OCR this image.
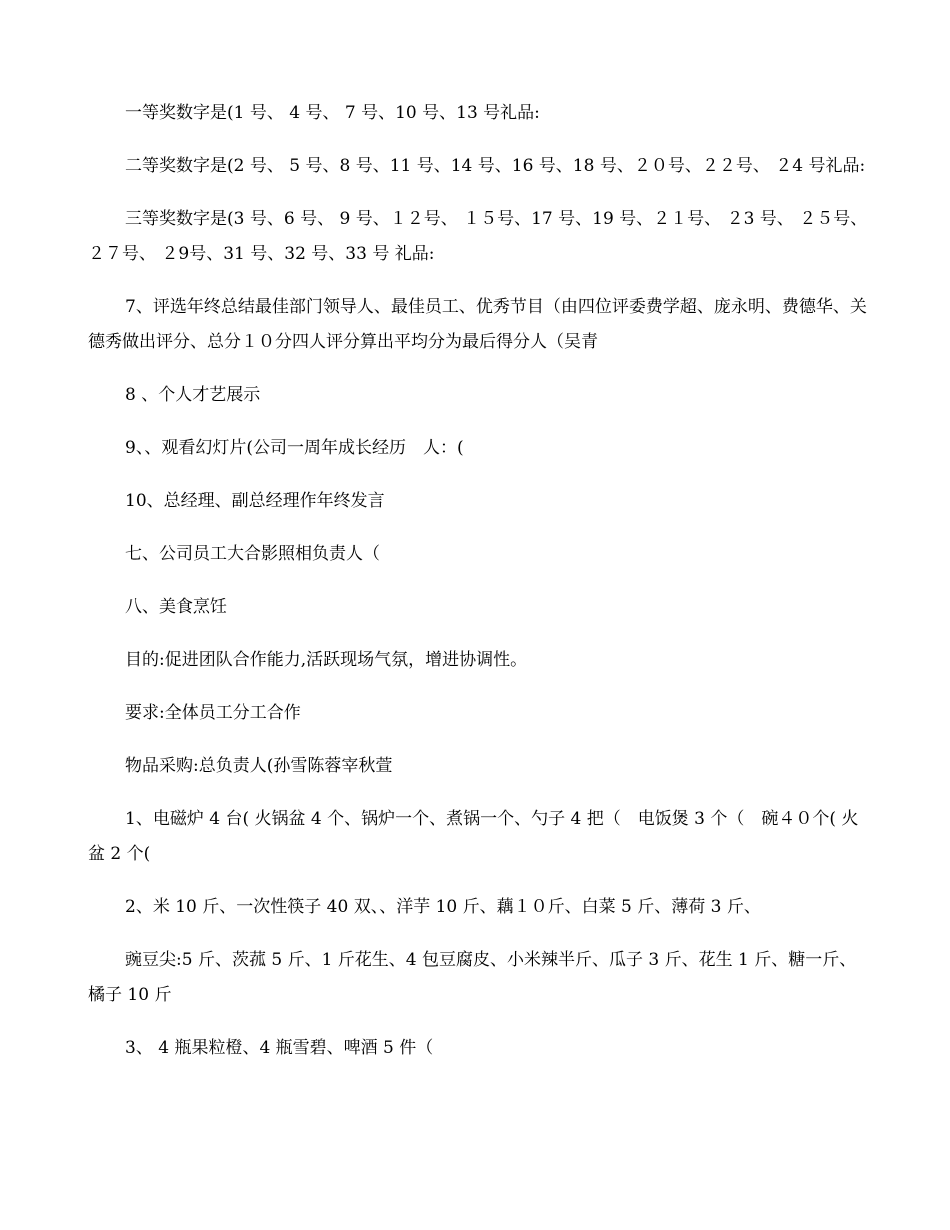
一等奖数字是(1 号、 4 号、 7 号、10 号、13 号礼品:

二等奖数字是(2 号、 5 号、8 号、11 号、14 号、16 号、18 号、２０号、２２号、 ２4 号礼品:

三等奖数字是(3 号、6 号、 9 号、１２号、 １５号、17 号、19 号、２１号、 ２3 号、 ２５号、 ２７号、 ２9号、31 号、32 号、33 号 礼品:

7、评选年终总结最佳部门领导人、最佳员工、优秀节目（由四位评委费学超、庞永明、费德华、关德秀做出评分、总分１０分四人评分算出平均分为最后得分人（吴青

8 、个人才艺展示

9、、观看幻灯片(公司一周年成长经历　人：(

10、总经理、副总经理作年终发言

七、公司员工大合影照相负责人（

八、美食烹饪

目的:促进团队合作能力,活跃现场气氛，增进协调性。

要求:全体员工分工合作

物品采购:总负责人(孙雪陈蓉宰秋萱

1、电磁炉 4 台( 火锅盆 4 个、锅炉一个、煮锅一个、勺子 4 把（　电饭煲 3 个（　碗４０个( 火盆 2 个(

2、米 10 斤、一次性筷子 40 双、、洋芋 10 斤、藕１０斤、白菜 5 斤、薄荷 3 斤、

豌豆尖:5 斤、茨菰 5 斤、1 斤花生、4 包豆腐皮、小米辣半斤、瓜子 3 斤、花生 1 斤、糖一斤、橘子 10 斤

3、 4 瓶果粒橙、4 瓶雪碧、啤酒 5 件（
